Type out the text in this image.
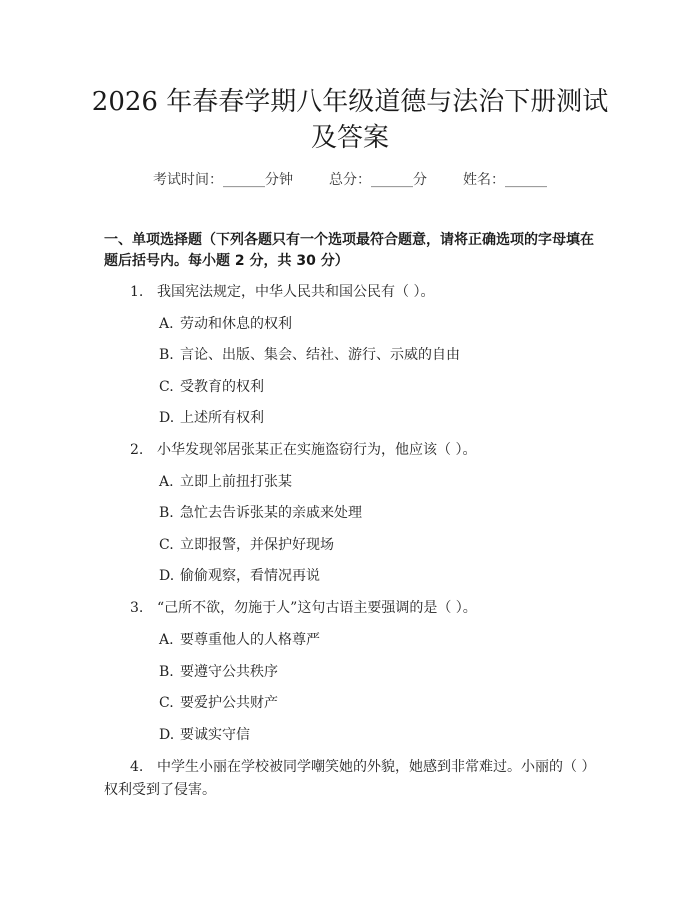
2026 年春春学期八年级道德与法治下册测试
及答案
考试时间：______分钟	总分：______分	姓名：______
一、单项选择题（下列各题只有一个选项最符合题意，请将正确选项的字母填在
题后括号内。每小题 2 分，共 30 分）
1. 我国宪法规定，中华人民共和国公民有（ ）。
A. 劳动和休息的权利
B. 言论、出版、集会、结社、游行、示威的自由
C. 受教育的权利
D. 上述所有权利
2. 小华发现邻居张某正在实施盗窃行为，他应该（ ）。
A. 立即上前扭打张某
B. 急忙去告诉张某的亲戚来处理
C. 立即报警，并保护好现场
D. 偷偷观察，看情况再说
3. “己所不欲，勿施于人”这句古语主要强调的是（ ）。
A. 要尊重他人的人格尊严
B. 要遵守公共秩序
C. 要爱护公共财产
D. 要诚实守信
4. 中学生小丽在学校被同学嘲笑她的外貌，她感到非常难过。小丽的（ ）
权利受到了侵害。
